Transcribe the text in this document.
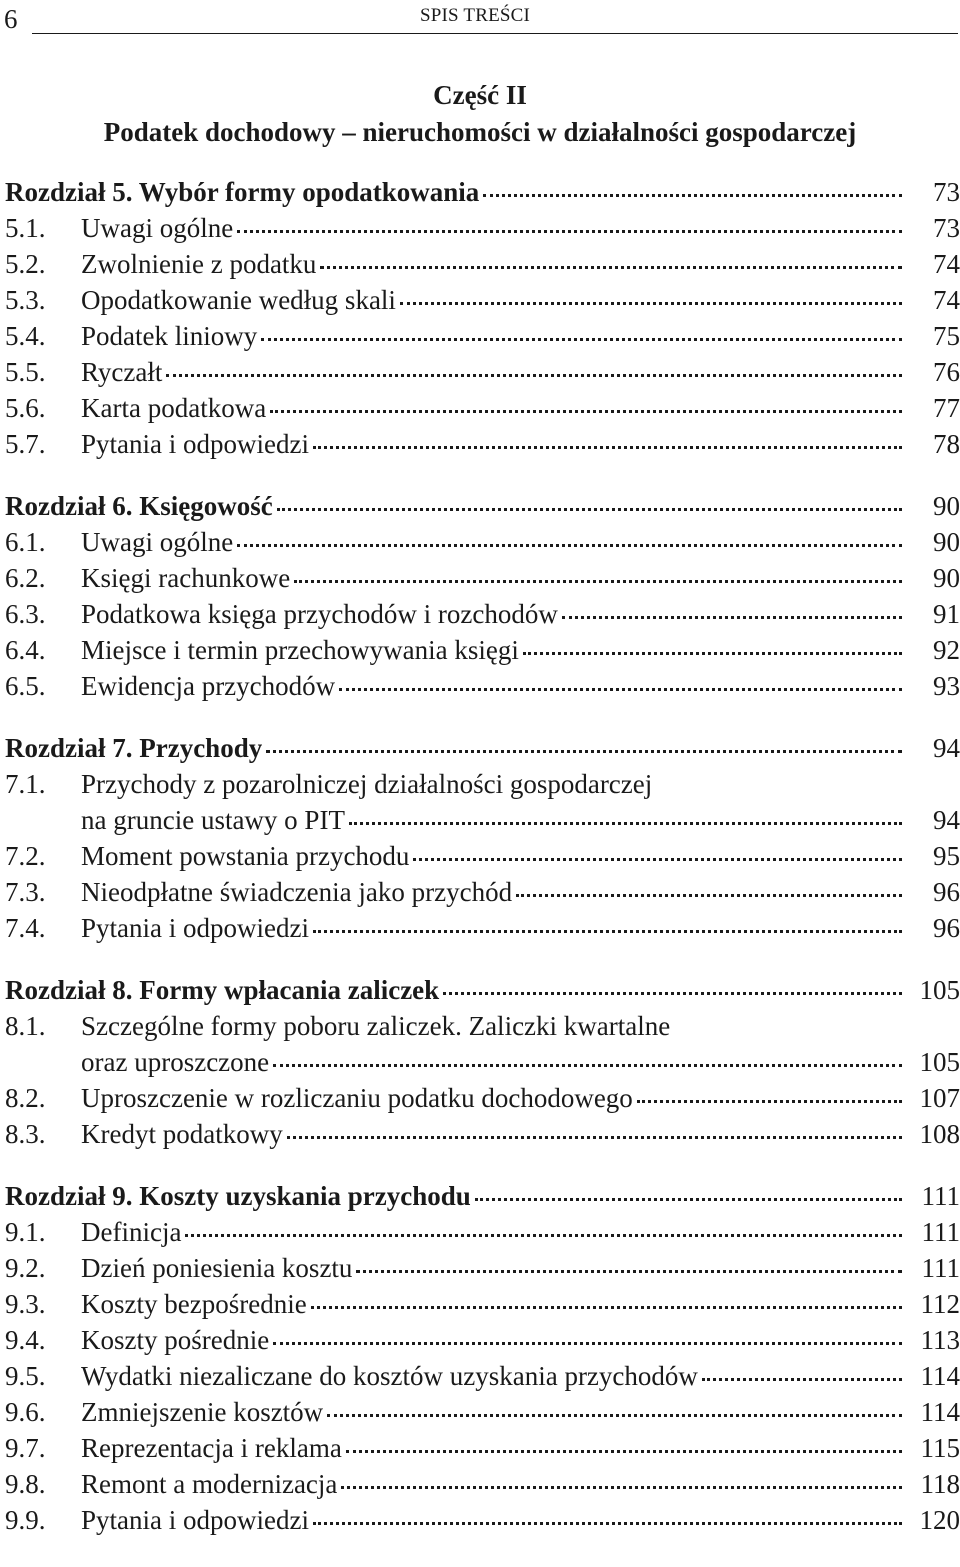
6	SPIS TREŚCI
Część II
Podatek dochodowy – nieruchomości w działalności gospodarczej
Rozdział 5. Wybór formy opodatkowania	73
5.1.	Uwagi ogólne	73
5.2.	Zwolnienie z podatku	74
5.3.	Opodatkowanie według skali	74
5.4.	Podatek liniowy	75
5.5.	Ryczałt	76
5.6.	Karta podatkowa	77
5.7.	Pytania i odpowiedzi	78
Rozdział 6. Księgowość	90
6.1.	Uwagi ogólne	90
6.2.	Księgi rachunkowe	90
6.3.	Podatkowa księga przychodów i rozchodów	91
6.4.	Miejsce i termin przechowywania księgi	92
6.5.	Ewidencja przychodów	93
Rozdział 7. Przychody	94
7.1.	Przychody z pozarolniczej działalności gospodarczej
na gruncie ustawy o PIT	94
7.2.	Moment powstania przychodu	95
7.3.	Nieodpłatne świadczenia jako przychód	96
7.4.	Pytania i odpowiedzi	96
Rozdział 8. Formy wpłacania zaliczek	105
8.1.	Szczególne formy poboru zaliczek. Zaliczki kwartalne
oraz uproszczone	105
8.2.	Uproszczenie w rozliczaniu podatku dochodowego	107
8.3.	Kredyt podatkowy	108
Rozdział 9. Koszty uzyskania przychodu	111
9.1.	Definicja	111
9.2.	Dzień poniesienia kosztu	111
9.3.	Koszty bezpośrednie	112
9.4.	Koszty pośrednie	113
9.5.	Wydatki niezaliczane do kosztów uzyskania przychodów	114
9.6.	Zmniejszenie kosztów	114
9.7.	Reprezentacja i reklama	115
9.8.	Remont a modernizacja	118
9.9.	Pytania i odpowiedzi	120
